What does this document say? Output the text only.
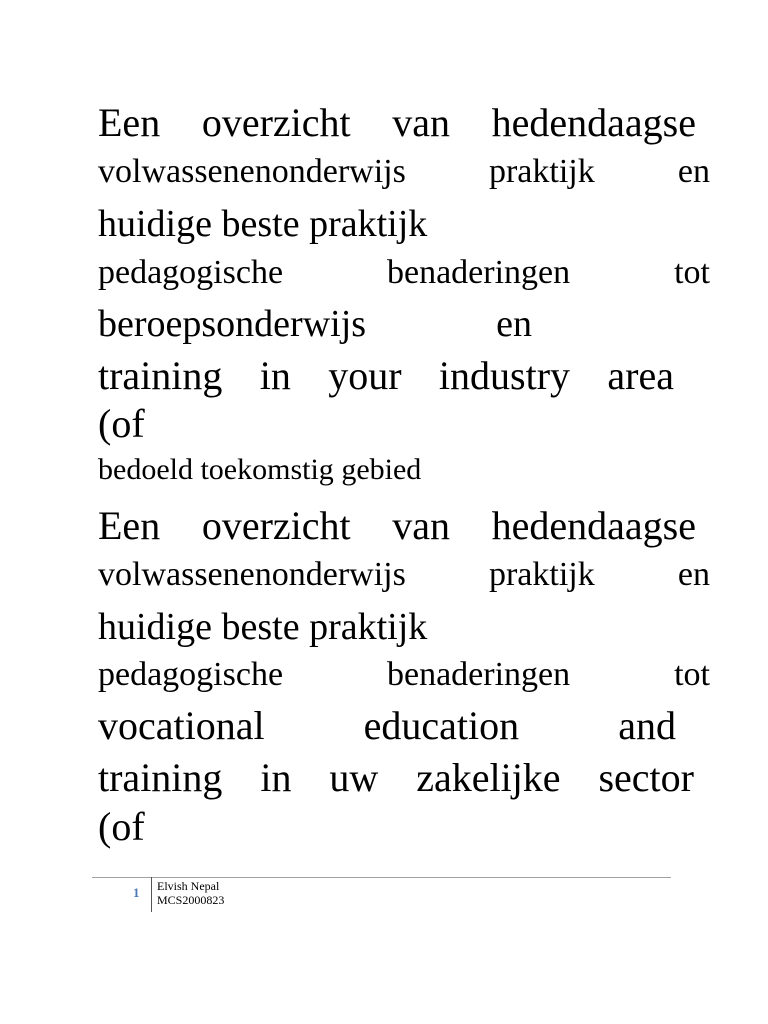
Een overzicht van hedendaagse
volwassenenonderwijs praktijk en
huidige beste praktijk
pedagogische	benaderingen	tot
beroepsonderwijs	en
training in your industry area
(of
bedoeld toekomstig gebied
Een overzicht van hedendaagse
volwassenenonderwijs praktijk en
huidige beste praktijk
pedagogische	benaderingen	tot
vocational education and
training in uw zakelijke sector
(of
1 Elvish Nepal
MCS2000823
